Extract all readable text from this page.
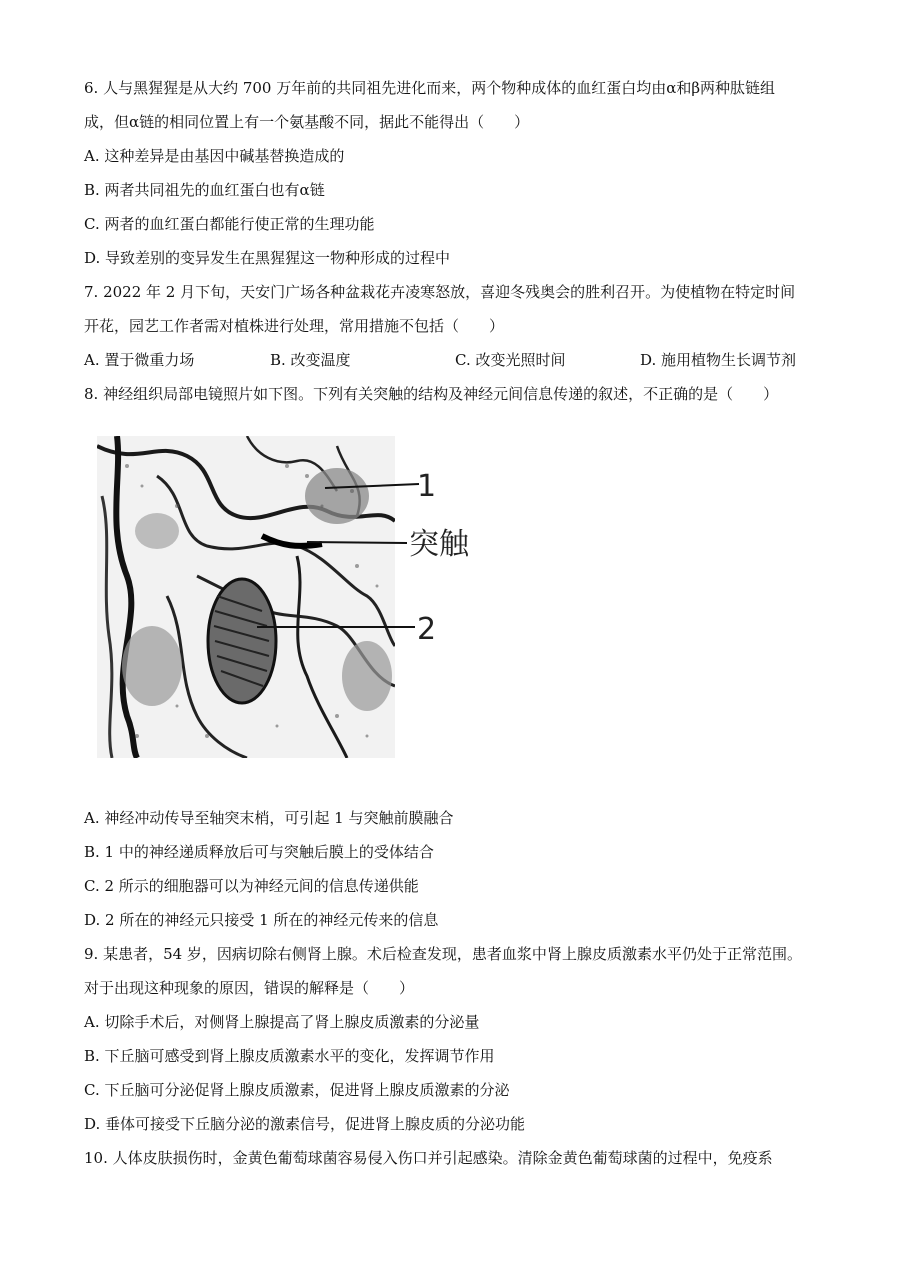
6. 人与黑猩猩是从大约 700 万年前的共同祖先进化而来，两个物种成体的血红蛋白均由α和β两种肽链组
成，但α链的相同位置上有一个氨基酸不同，据此不能得出（　　）
A. 这种差异是由基因中碱基替换造成的
B. 两者共同祖先的血红蛋白也有α链
C. 两者的血红蛋白都能行使正常的生理功能
D. 导致差别的变异发生在黑猩猩这一物种形成的过程中
7. 2022 年 2 月下旬，天安门广场各种盆栽花卉凌寒怒放，喜迎冬残奥会的胜利召开。为使植物在特定时间
开花，园艺工作者需对植株进行处理，常用措施不包括（　　）
A. 置于微重力场	B. 改变温度	C. 改变光照时间	D. 施用植物生长调节剂
8. 神经组织局部电镜照片如下图。下列有关突触的结构及神经元间信息传递的叙述，不正确的是（　　）
1
突触
2
A. 神经冲动传导至轴突末梢，可引起 1 与突触前膜融合
B. 1 中的神经递质释放后可与突触后膜上的受体结合
C. 2 所示的细胞器可以为神经元间的信息传递供能
D. 2 所在的神经元只接受 1 所在的神经元传来的信息
9. 某患者，54 岁，因病切除右侧肾上腺。术后检查发现，患者血浆中肾上腺皮质激素水平仍处于正常范围。
对于出现这种现象的原因，错误的解释是（　　）
A. 切除手术后，对侧肾上腺提高了肾上腺皮质激素的分泌量
B. 下丘脑可感受到肾上腺皮质激素水平的变化，发挥调节作用
C. 下丘脑可分泌促肾上腺皮质激素，促进肾上腺皮质激素的分泌
D. 垂体可接受下丘脑分泌的激素信号，促进肾上腺皮质的分泌功能
10. 人体皮肤损伤时，金黄色葡萄球菌容易侵入伤口并引起感染。清除金黄色葡萄球菌的过程中，免疫系
